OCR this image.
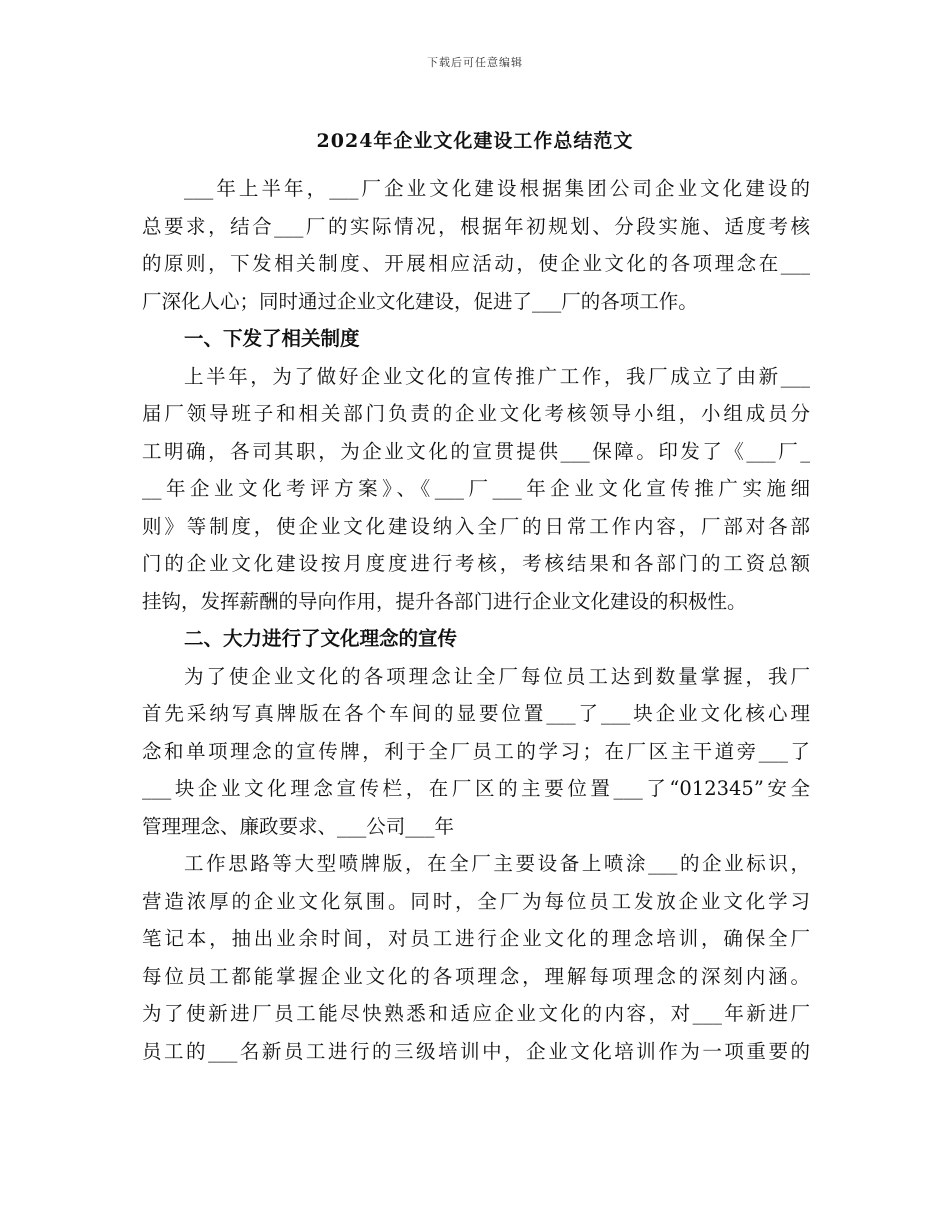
下载后可任意编辑
2024年企业文化建设工作总结范文
___年上半年，___厂企业文化建设根据集团公司企业文化建设的
总要求，结合___厂的实际情况，根据年初规划、分段实施、适度考核
的原则，下发相关制度、开展相应活动，使企业文化的各项理念在___
厂深化人心；同时通过企业文化建设，促进了___厂的各项工作。
一、下发了相关制度
上半年，为了做好企业文化的宣传推广工作，我厂成立了由新___
届厂领导班子和相关部门负责的企业文化考核领导小组，小组成员分
工明确，各司其职，为企业文化的宣贯提供___保障。印发了《___厂_
__年企业文化考评方案》、《___厂___年企业文化宣传推广实施细
则》等制度，使企业文化建设纳入全厂的日常工作内容，厂部对各部
门的企业文化建设按月度度进行考核，考核结果和各部门的工资总额
挂钩，发挥薪酬的导向作用，提升各部门进行企业文化建设的积极性。
二、大力进行了文化理念的宣传
为了使企业文化的各项理念让全厂每位员工达到数量掌握，我厂
首先采纳写真牌版在各个车间的显要位置___了___块企业文化核心理
念和单项理念的宣传牌，利于全厂员工的学习；在厂区主干道旁___了
___块企业文化理念宣传栏，在厂区的主要位置___了“012345”安全
管理理念、廉政要求、___公司___年
工作思路等大型喷牌版，在全厂主要设备上喷涂___的企业标识，
营造浓厚的企业文化氛围。同时，全厂为每位员工发放企业文化学习
笔记本，抽出业余时间，对员工进行企业文化的理念培训，确保全厂
每位员工都能掌握企业文化的各项理念，理解每项理念的深刻内涵。
为了使新进厂员工能尽快熟悉和适应企业文化的内容，对___年新进厂
员工的___名新员工进行的三级培训中，企业文化培训作为一项重要的
